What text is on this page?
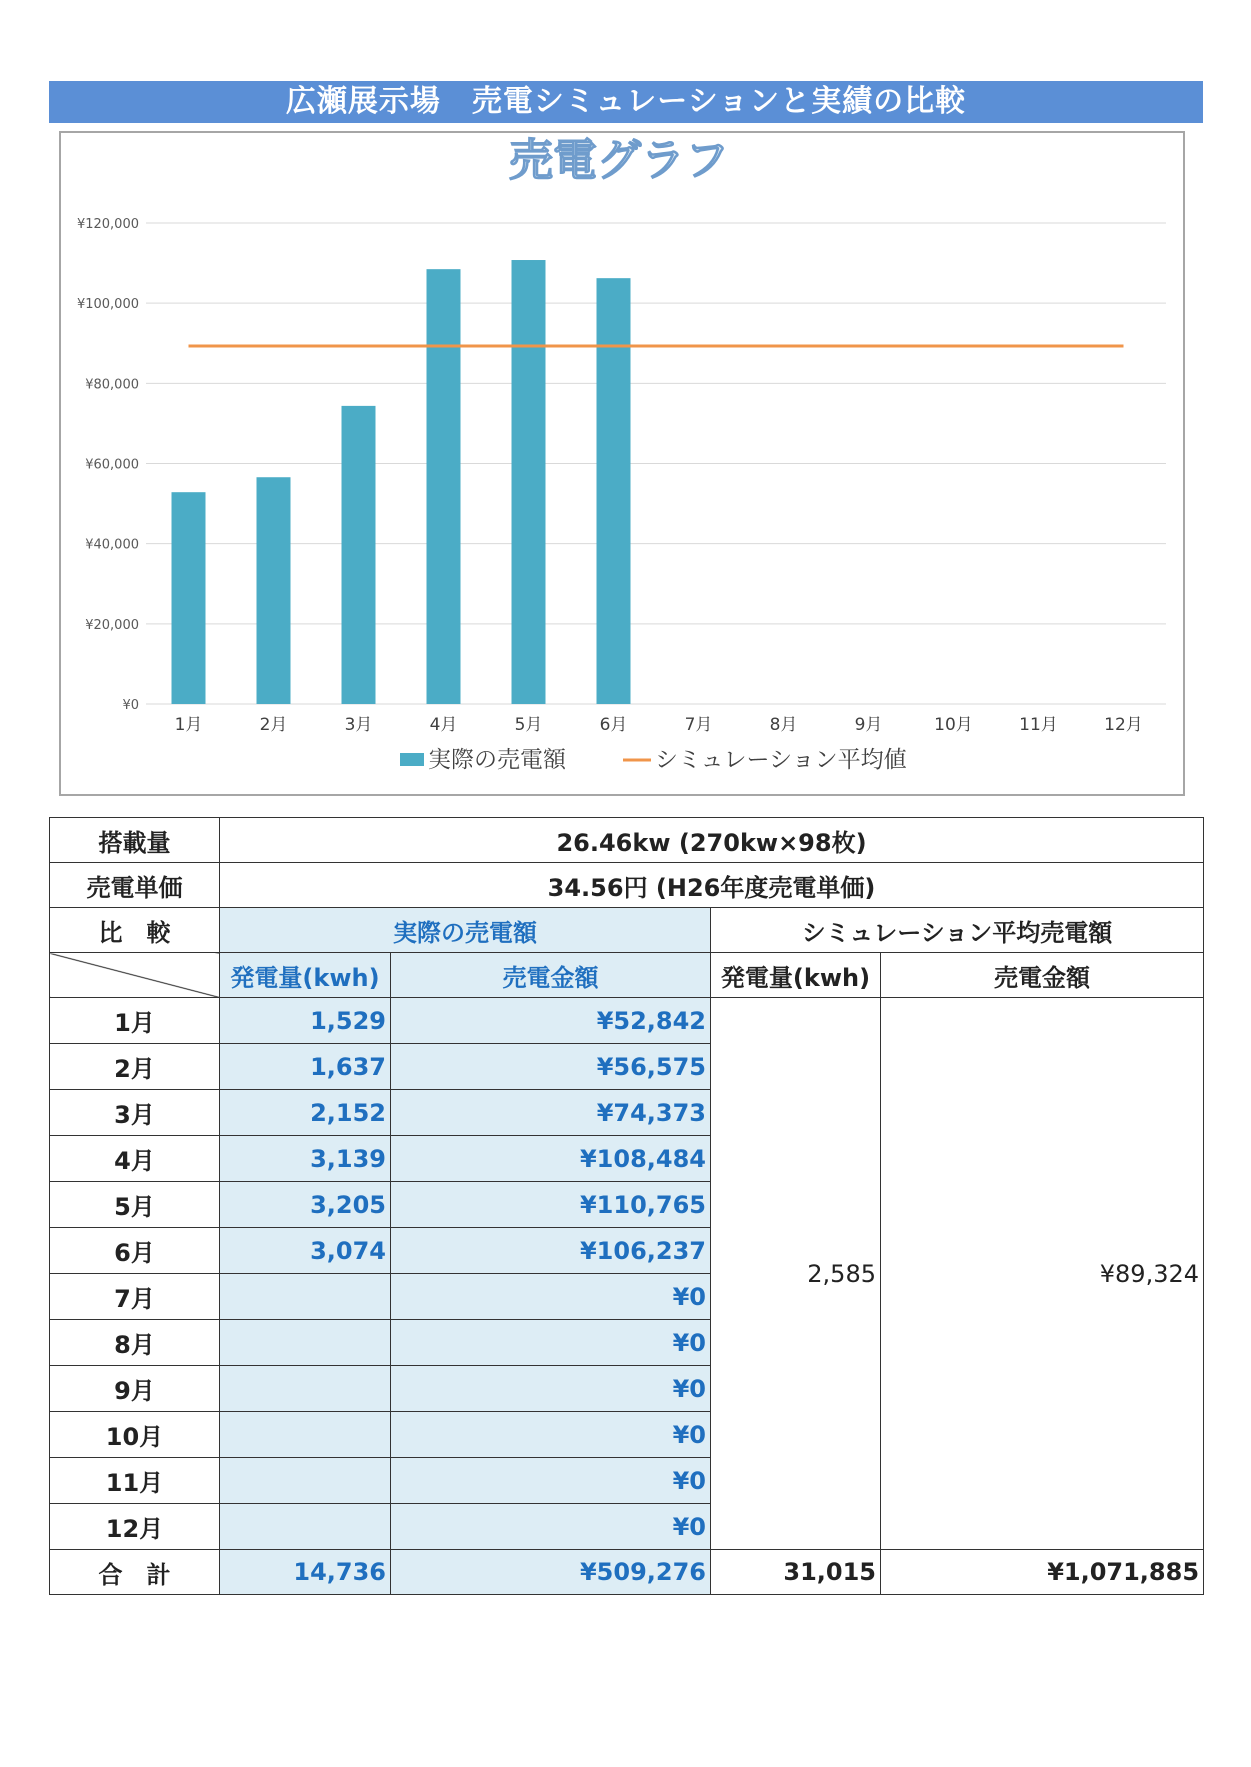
広瀬展示場　売電シミュレーションと実績の比較
売電グラフ
¥0
¥20,000
¥40,000
¥60,000
¥80,000
¥100,000
¥120,000
1月	2月	3月	4月	5月	6月	7月	8月	9月	10月	11月	12月
実際の売電額	シミュレーション平均値
搭載量	26.46kw (270kw×98枚)			
売電単価	34.56円 (H26年度売電単価)			
比　較	実際の売電額		シミュレーション平均売電額	
	発電量(kwh)	売電金額	発電量(kwh)	売電金額
1月	1,529	¥52,842	2,585	¥89,324
2月	1,637	¥56,575		
3月	2,152	¥74,373		
4月	3,139	¥108,484		
5月	3,205	¥110,765		
6月	3,074	¥106,237		
7月		¥0		
8月		¥0		
9月		¥0		
10月		¥0		
11月		¥0		
12月		¥0		
合　計	14,736	¥509,276	31,015	¥1,071,885
